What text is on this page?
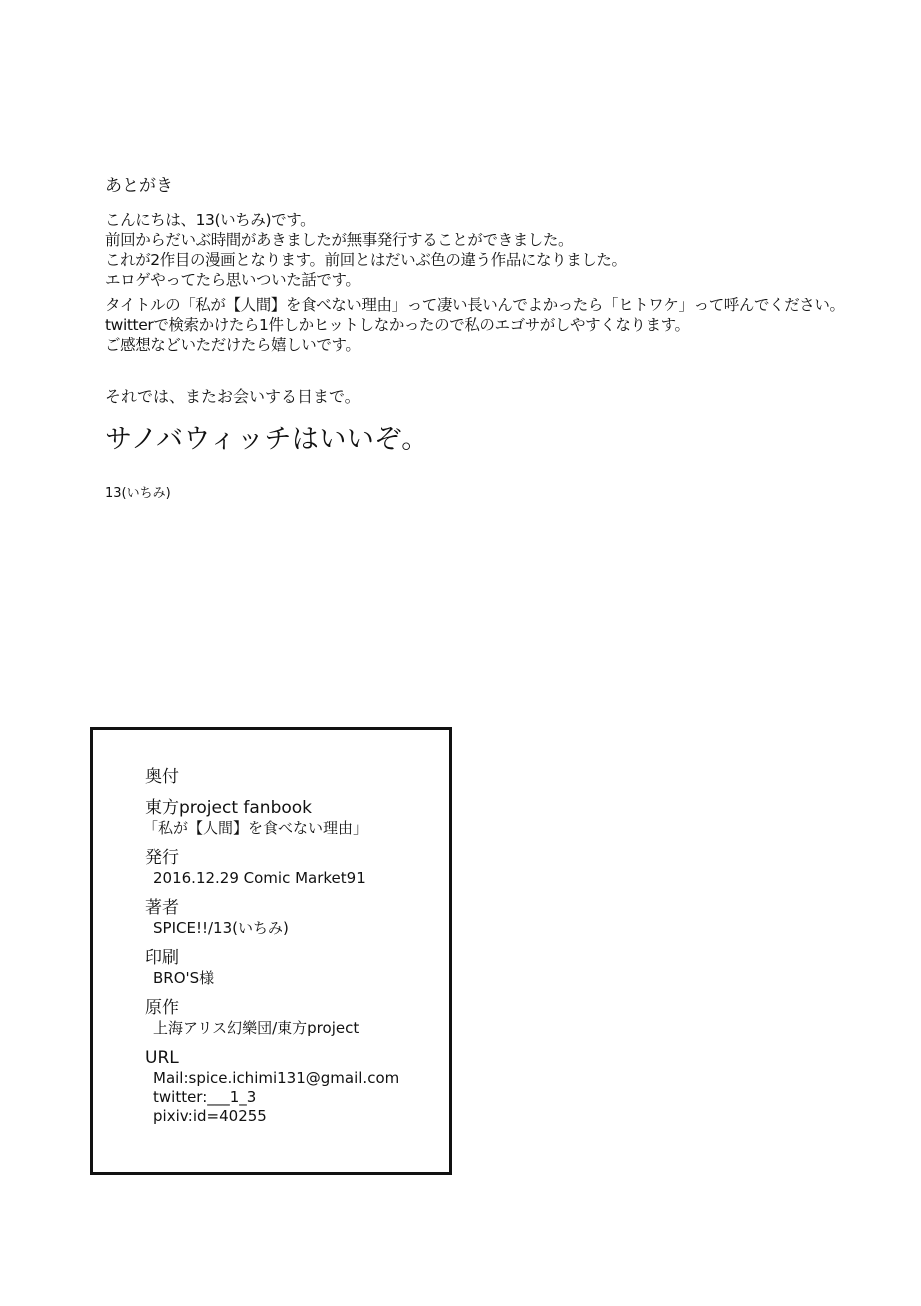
あとがき
こんにちは、13(いちみ)です。
前回からだいぶ時間があきましたが無事発行することができました。
これが2作目の漫画となります。前回とはだいぶ色の違う作品になりました。
エロゲやってたら思いついた話です。
タイトルの「私が【人間】を食べない理由」って凄い長いんでよかったら「ヒトワケ」って呼んでください。
twitterで検索かけたら1件しかヒットしなかったので私のエゴサがしやすくなります。
ご感想などいただけたら嬉しいです。
それでは、またお会いする日まで。
サノバウィッチはいいぞ。
13(いちみ)
奥付
東方project fanbook
「私が【人間】を食べない理由」
発行
2016.12.29 Comic Market91
著者
SPICE!!/13(いちみ)
印刷
BRO'S様
原作
上海アリス幻樂団/東方project
URL
Mail:spice.ichimi131@gmail.com
twitter:___1_3
pixiv:id=40255
